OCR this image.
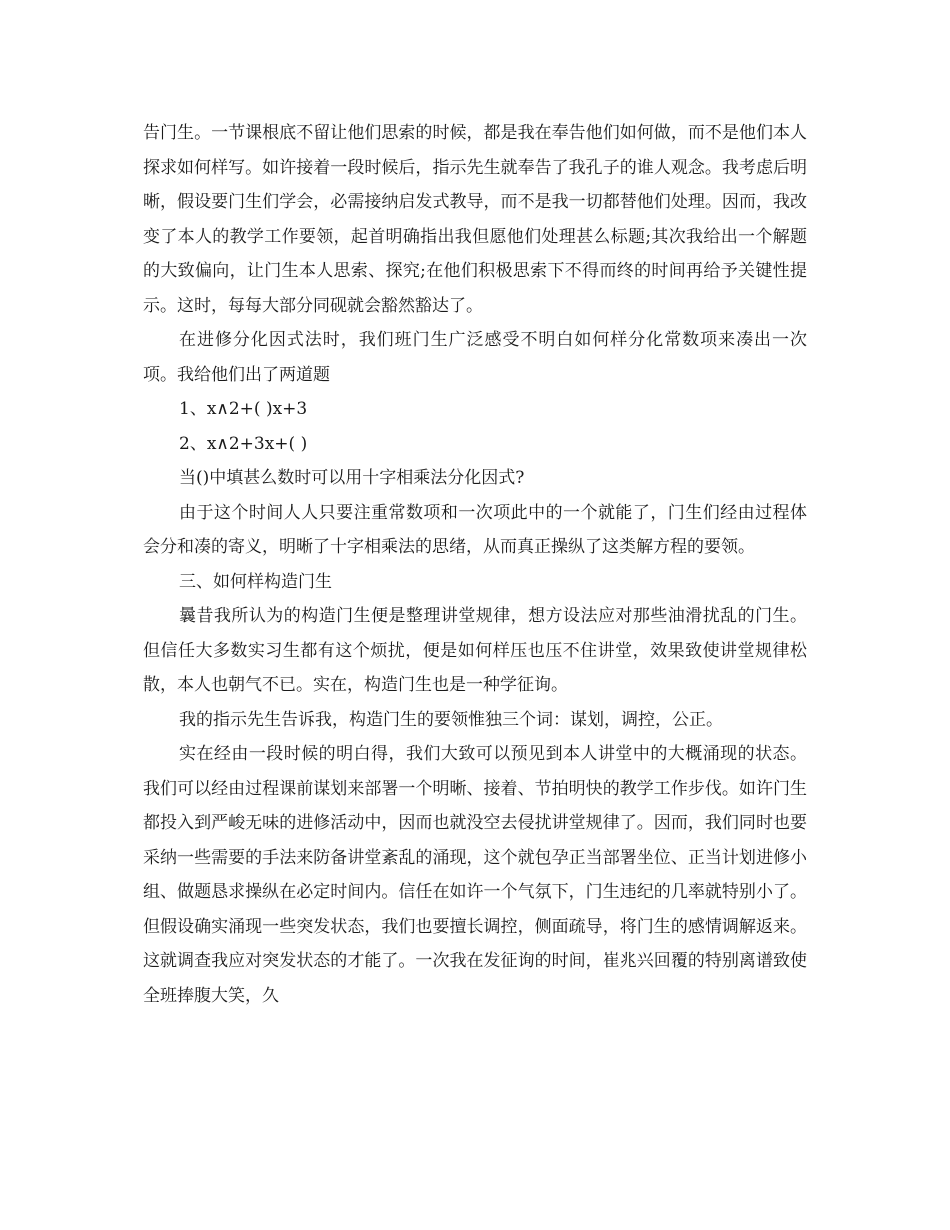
告门生。一节课根底不留让他们思索的时候，都是我在奉告他们如何做，而不是他们本人探求如何样写。如许接着一段时候后，指示先生就奉告了我孔子的谁人观念。我考虑后明晰，假设要门生们学会，必需接纳启发式教导，而不是我一切都替他们处理。因而，我改变了本人的教学工作要领，起首明确指出我但愿他们处理甚么标题;其次我给出一个解题的大致偏向，让门生本人思索、探究;在他们积极思索下不得而终的时间再给予关键性提示。这时，每每大部分同砚就会豁然豁达了。

在进修分化因式法时，我们班门生广泛感受不明白如何样分化常数项来凑出一次项。我给他们出了两道题

1、x∧2+( )x+3

2、x∧2+3x+( )

当()中填甚么数时可以用十字相乘法分化因式?

由于这个时间人人只要注重常数项和一次项此中的一个就能了，门生们经由过程体会分和凑的寄义，明晰了十字相乘法的思绪，从而真正操纵了这类解方程的要领。

三、如何样构造门生

曩昔我所认为的构造门生便是整理讲堂规律，想方设法应对那些油滑扰乱的门生。但信任大多数实习生都有这个烦扰，便是如何样压也压不住讲堂，效果致使讲堂规律松散，本人也朝气不已。实在，构造门生也是一种学征询。

我的指示先生告诉我，构造门生的要领惟独三个词：谋划，调控，公正。

实在经由一段时候的明白得，我们大致可以预见到本人讲堂中的大概涌现的状态。我们可以经由过程课前谋划来部署一个明晰、接着、节拍明快的教学工作步伐。如许门生都投入到严峻无味的进修活动中，因而也就没空去侵扰讲堂规律了。因而，我们同时也要采纳一些需要的手法来防备讲堂紊乱的涌现，这个就包孕正当部署坐位、正当计划进修小组、做题恳求操纵在必定时间内。信任在如许一个气氛下，门生违纪的几率就特别小了。但假设确实涌现一些突发状态，我们也要擅长调控，侧面疏导，将门生的感情调解返来。这就调查我应对突发状态的才能了。一次我在发征询的时间，崔兆兴回覆的特别离谱致使全班捧腹大笑，久
